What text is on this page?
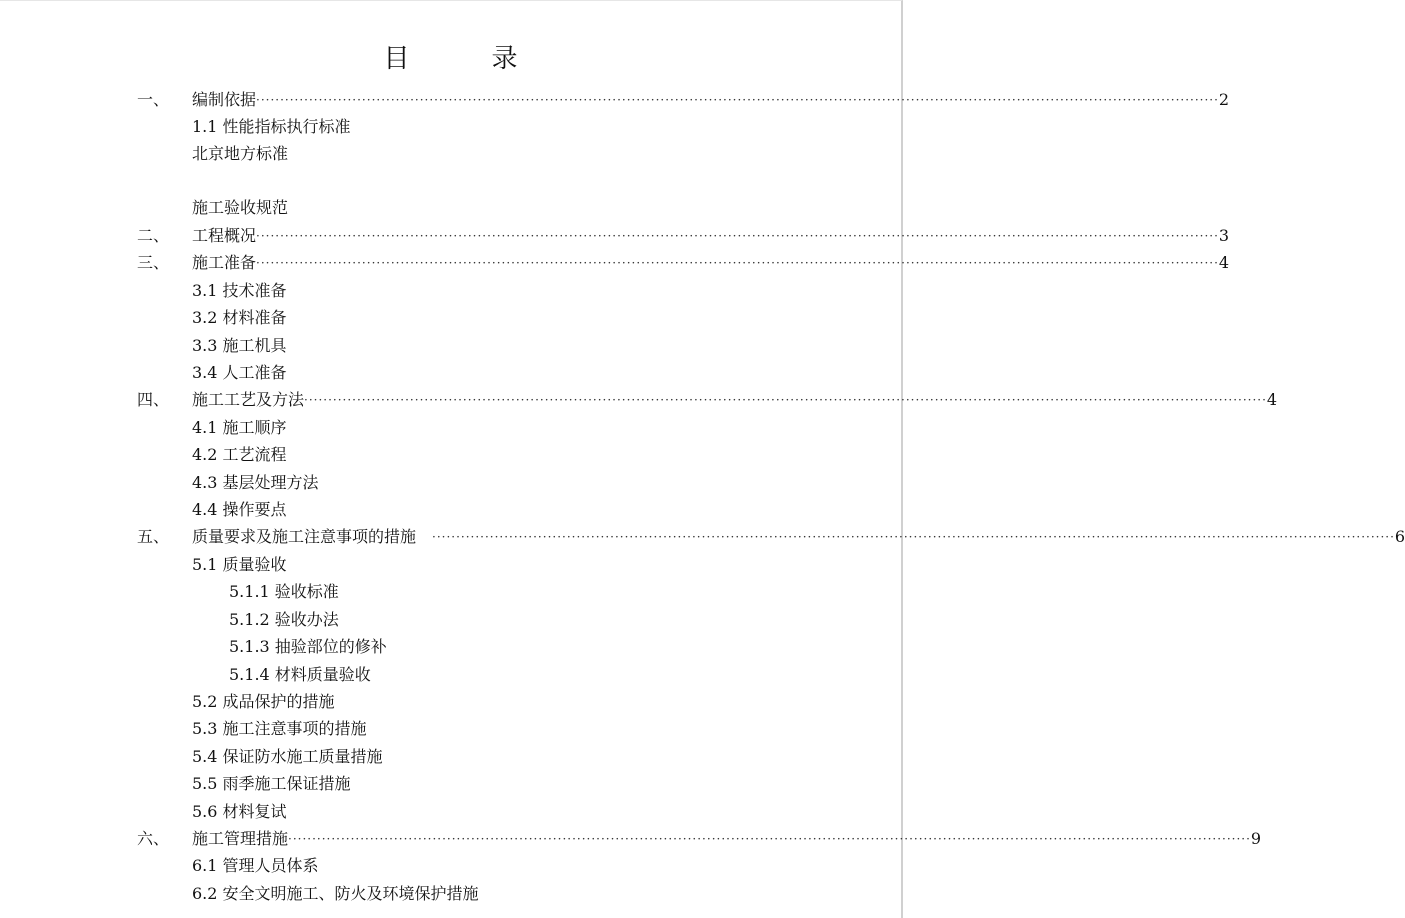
目	录
一、 编制依据 ········································································································································································································ 2
1.1 性能指标执行标准
北京地方标准
施工验收规范
二、 工程概况 ········································································································································································································ 3
三、 施工准备 ········································································································································································································ 4
3.1 技术准备
3.2 材料准备
3.3 施工机具
3.4 人工准备
四、 施工工艺及方法 ········································································································································································································ 4
4.1 施工顺序
4.2 工艺流程
4.3 基层处理方法
4.4 操作要点
五、 质量要求及施工注意事项的措施　 ········································································································································································································ 6
5.1 质量验收
5.1.1 验收标准
5.1.2 验收办法
5.1.3 抽验部位的修补
5.1.4 材料质量验收
5.2 成品保护的措施
5.3 施工注意事项的措施
5.4 保证防水施工质量措施
5.5 雨季施工保证措施
5.6 材料复试
六、 施工管理措施 ········································································································································································································ 9
6.1 管理人员体系
6.2 安全文明施工、防火及环境保护措施
